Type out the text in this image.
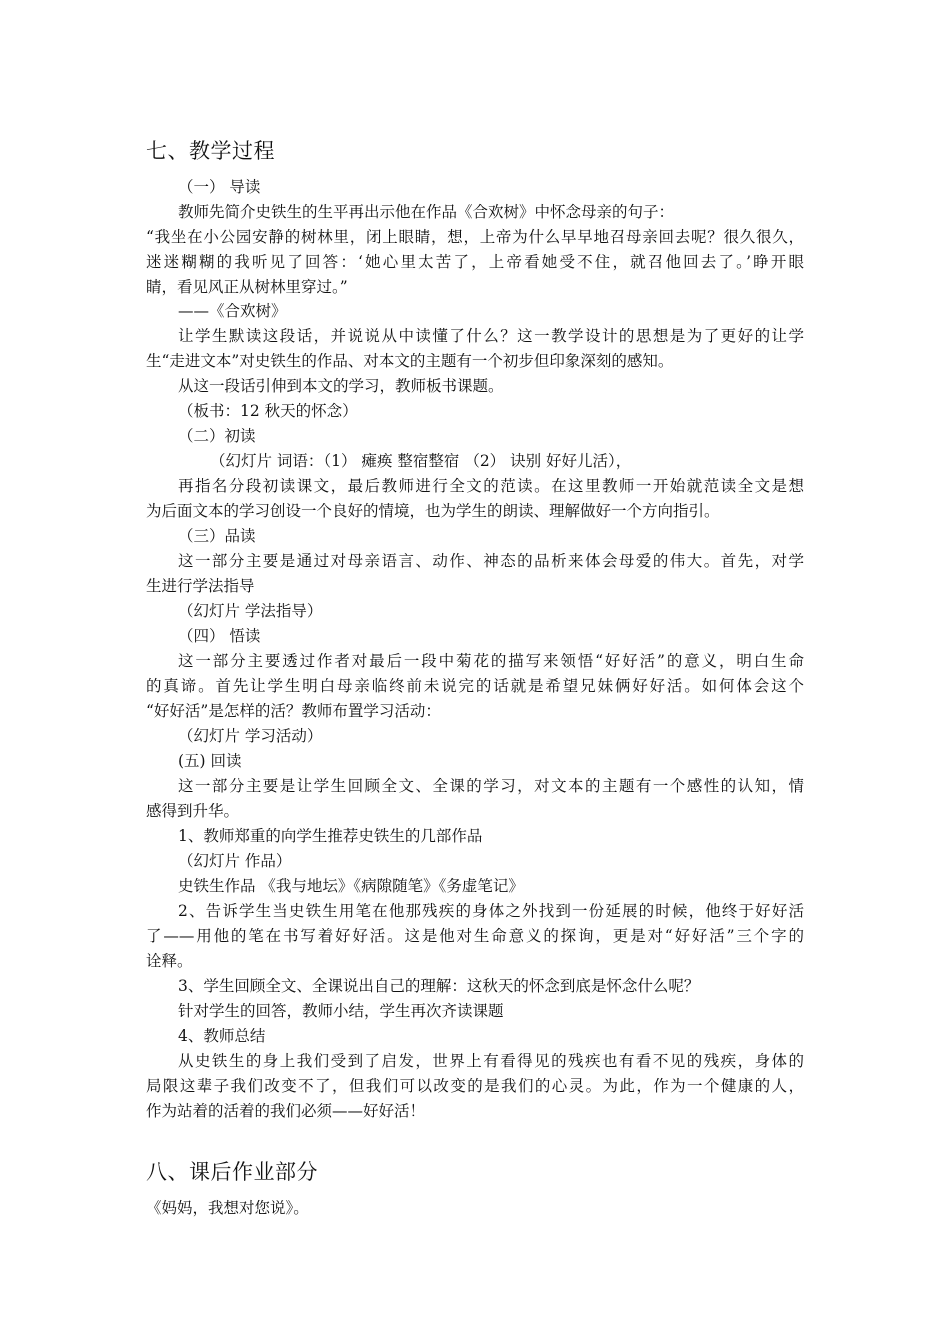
七、教学过程
（一） 导读
教师先简介史铁生的生平再出示他在作品《合欢树》中怀念母亲的句子：
“我坐在小公园安静的树林里，闭上眼睛，想，上帝为什么早早地召母亲回去呢？很久很久，
迷迷糊糊的我听见了回答：‘她心里太苦了，上帝看她受不住，就召他回去了。’睁开眼
睛，看见风正从树林里穿过。”
——《合欢树》
让学生默读这段话，并说说从中读懂了什么？这一教学设计的思想是为了更好的让学
生“走进文本”对史铁生的作品、对本文的主题有一个初步但印象深刻的感知。
从这一段话引伸到本文的学习，教师板书课题。
（板书：12 秋天的怀念）
（二）初读
（幻灯片 词语：（1） 瘫痪 整宿整宿 （2） 诀别 好好儿活），
再指名分段初读课文，最后教师进行全文的范读。在这里教师一开始就范读全文是想
为后面文本的学习创设一个良好的情境，也为学生的朗读、理解做好一个方向指引。
（三）品读
这一部分主要是通过对母亲语言、动作、神态的品析来体会母爱的伟大。首先，对学
生进行学法指导
（幻灯片 学法指导）
（四） 悟读
这一部分主要透过作者对最后一段中菊花的描写来领悟“好好活”的意义，明白生命
的真谛。首先让学生明白母亲临终前未说完的话就是希望兄妹俩好好活。如何体会这个
“好好活”是怎样的活？教师布置学习活动：
（幻灯片 学习活动）
(五) 回读
这一部分主要是让学生回顾全文、全课的学习，对文本的主题有一个感性的认知，情
感得到升华。
1、教师郑重的向学生推荐史铁生的几部作品
（幻灯片 作品）
史铁生作品 《我与地坛》《病隙随笔》《务虚笔记》
2、告诉学生当史铁生用笔在他那残疾的身体之外找到一份延展的时候，他终于好好活
了——用他的笔在书写着好好活。这是他对生命意义的探询，更是对“好好活”三个字的
诠释。
3、学生回顾全文、全课说出自己的理解：这秋天的怀念到底是怀念什么呢？
针对学生的回答，教师小结，学生再次齐读课题
4、教师总结
从史铁生的身上我们受到了启发，世界上有看得见的残疾也有看不见的残疾，身体的
局限这辈子我们改变不了，但我们可以改变的是我们的心灵。为此，作为一个健康的人，
作为站着的活着的我们必须——好好活！
八、课后作业部分
《妈妈，我想对您说》。
